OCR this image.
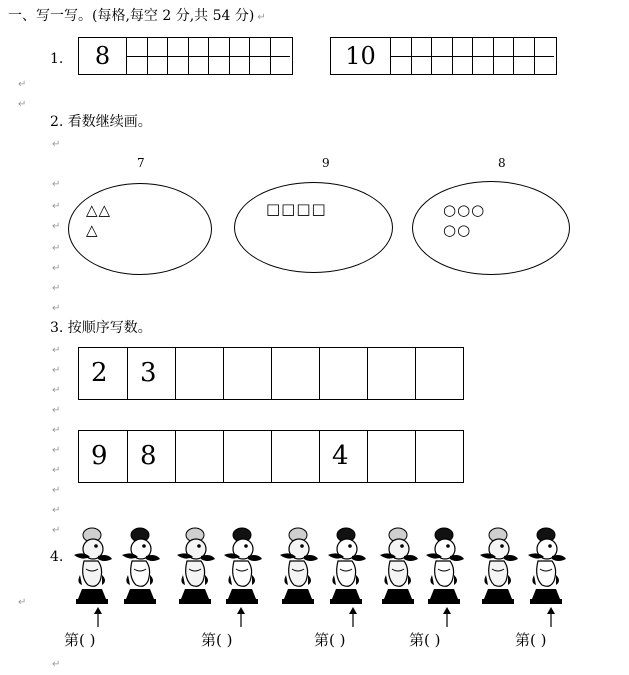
一、写一写。(每格,每空 2 分,共 54 分) ↵
1.	8	10
2. 看数继续画。
7	9	8
△△
△
□□□□	○○○
○○
3. 按顺序写数。
2 3
9 8	4
4.
第( )	第( )	第( )	第( )	第( )
↵
↵
↵
↵
↵
↵
↵
↵
↵
↵
↵
↵
↵
↵
↵
↵
↵
↵
↵
↵
↵
↵
